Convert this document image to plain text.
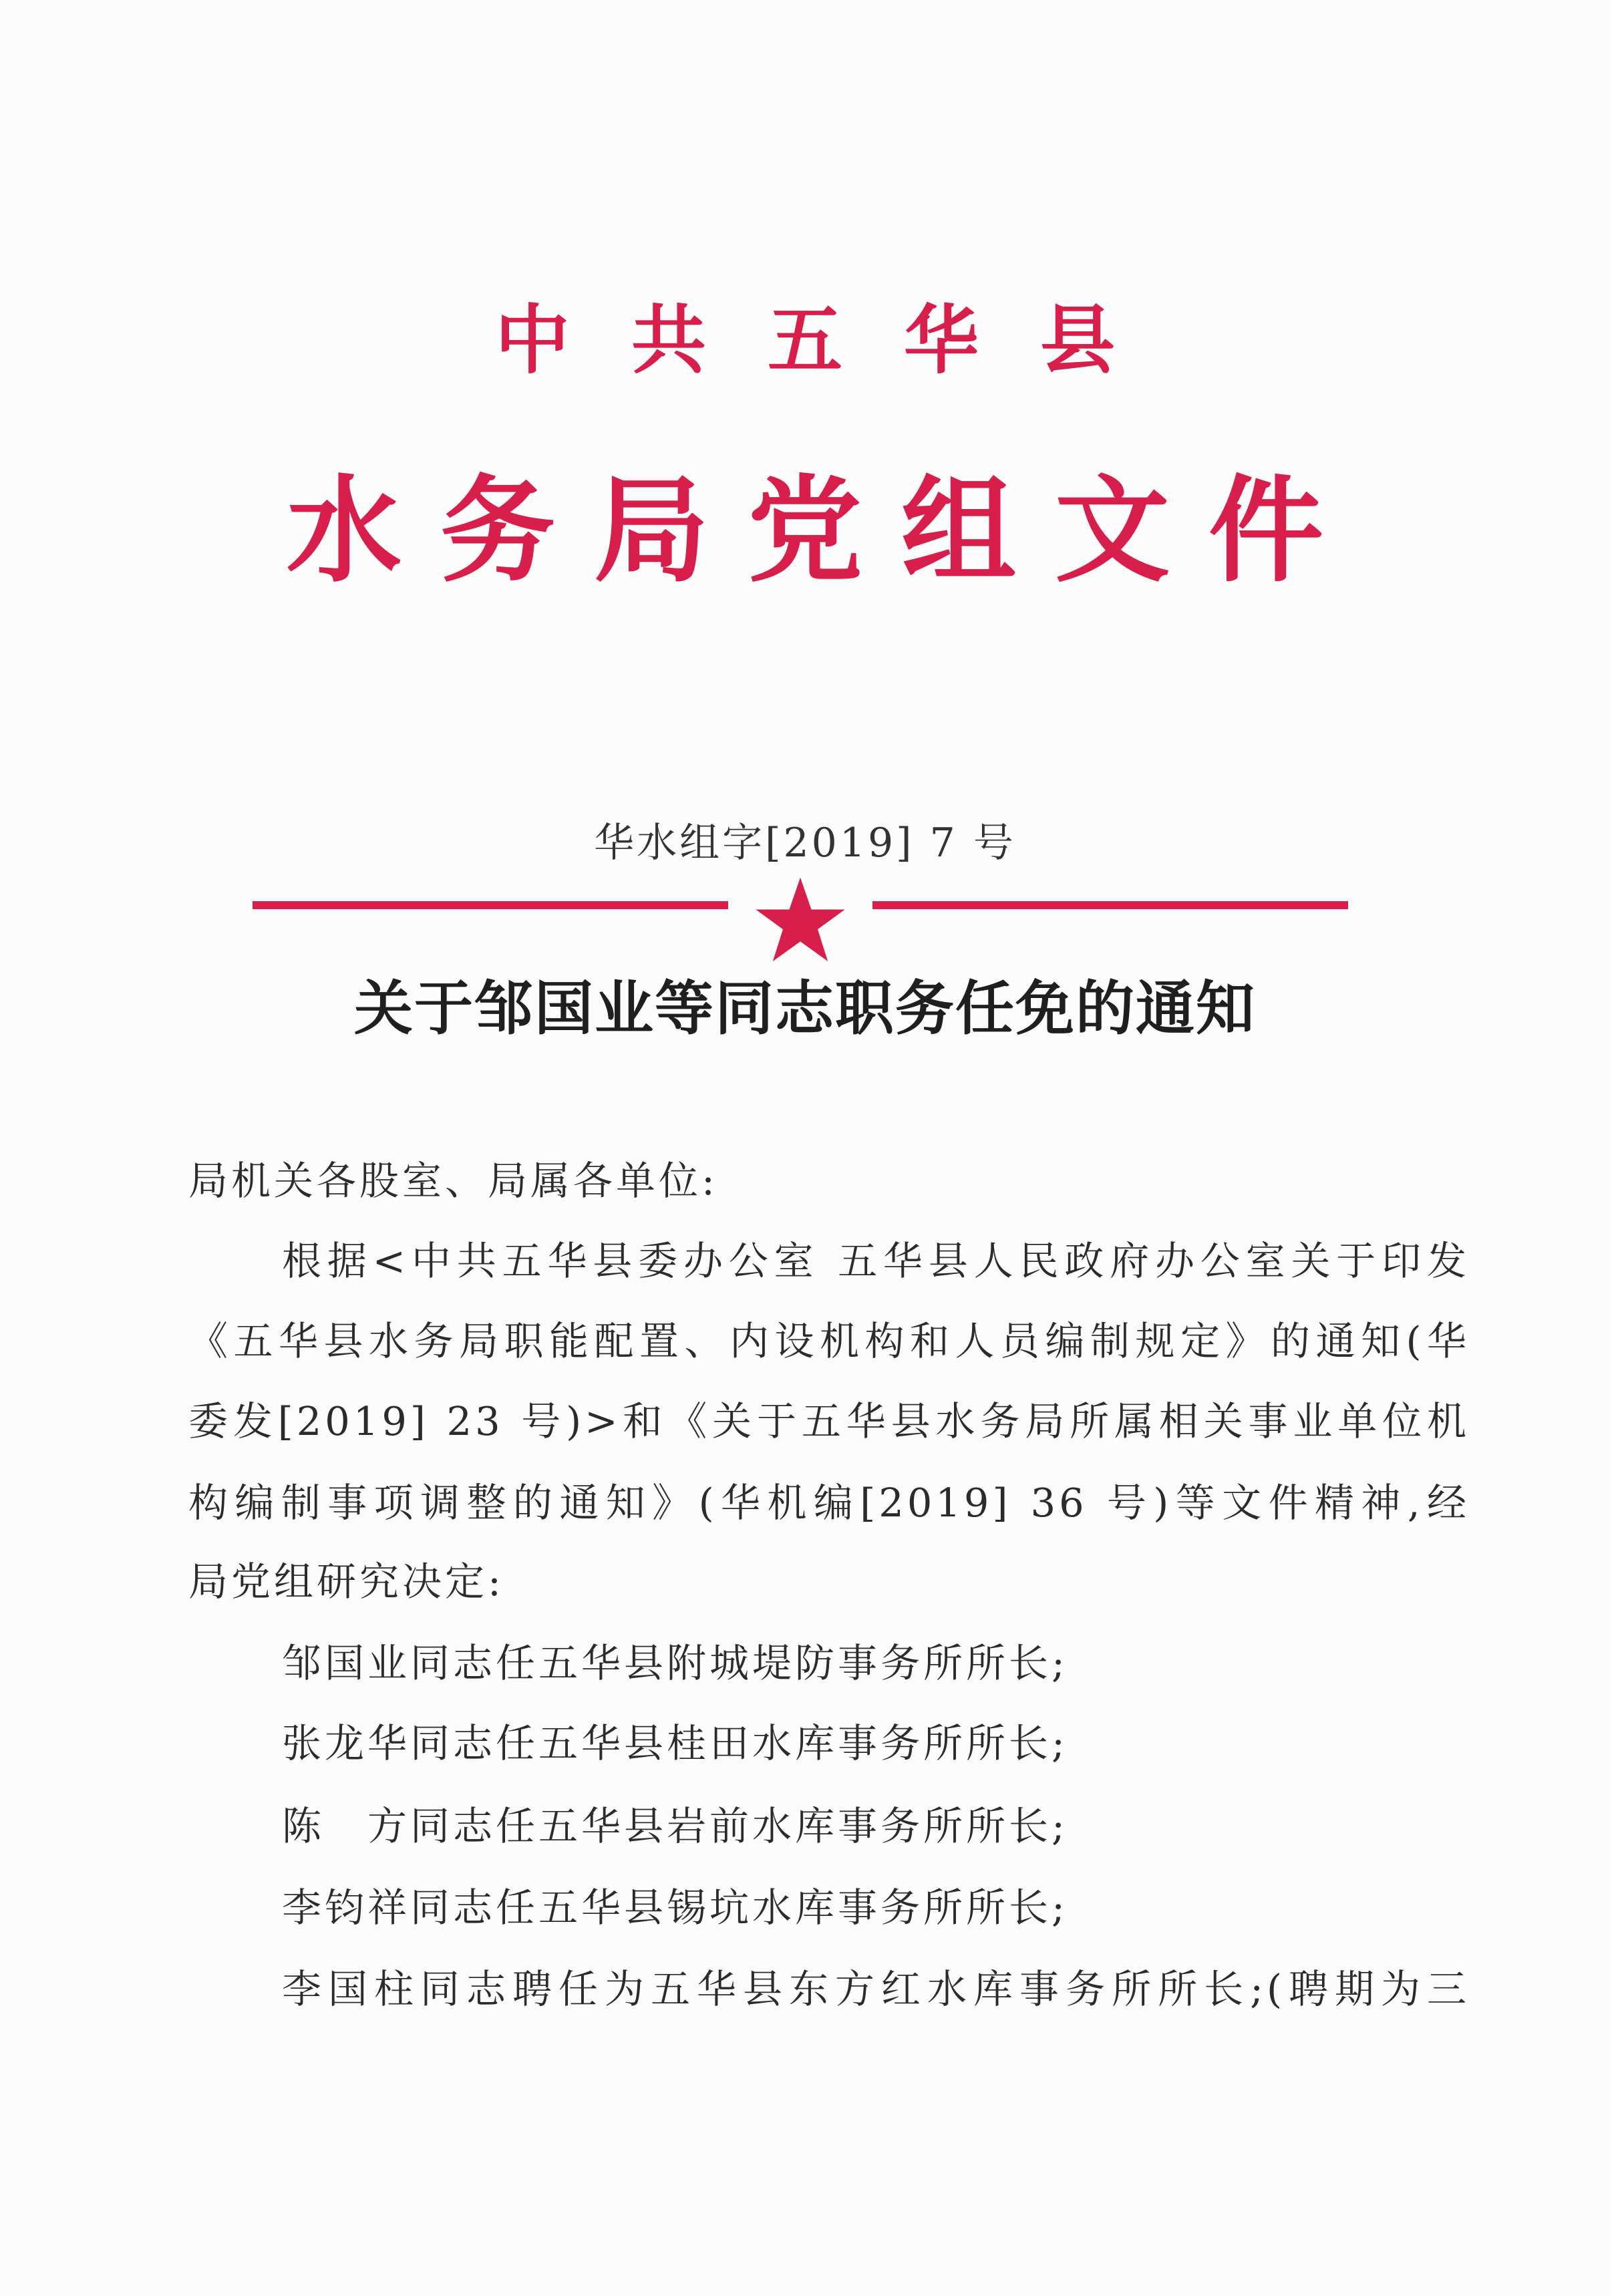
中共五华县
水务局党组文件
华水组字[2019] 7 号
关于邹国业等同志职务任免的通知
局机关各股室、局属各单位:
根据<中共五华县委办公室 五华县人民政府办公室关于印发
《五华县水务局职能配置、内设机构和人员编制规定》的通知(华
委发[2019] 23 号)>和《关于五华县水务局所属相关事业单位机
构编制事项调整的通知》(华机编[2019] 36 号)等文件精神,经
局党组研究决定:
邹国业同志任五华县附城堤防事务所所长;
张龙华同志任五华县桂田水库事务所所长;
陈　方同志任五华县岩前水库事务所所长;
李钧祥同志任五华县锡坑水库事务所所长;
李国柱同志聘任为五华县东方红水库事务所所长;(聘期为三
